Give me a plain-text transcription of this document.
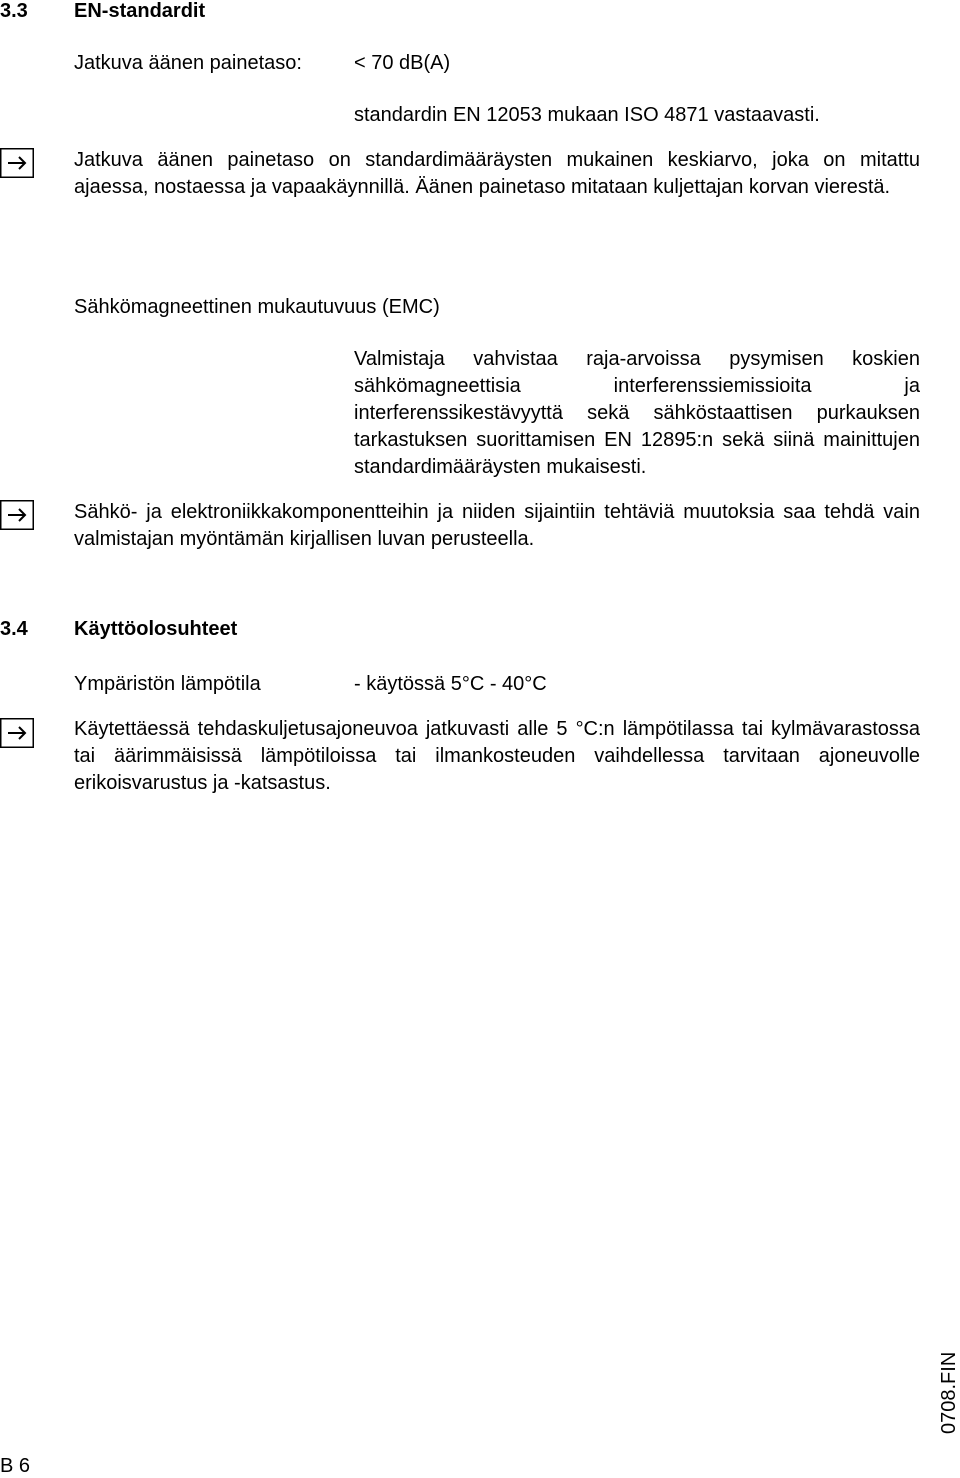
3.3 EN-standardit
Jatkuva äänen painetaso:	< 70 dB(A)
standardin EN 12053 mukaan ISO 4871 vastaavasti.
Jatkuva äänen painetaso on standardimääräysten mukainen keskiarvo, joka on mitattu ajaessa, nostaessa ja vapaakäynnillä. Äänen painetaso mitataan kuljettajan korvan vierestä.
Sähkömagneettinen mukautuvuus (EMC)
Valmistaja vahvistaa raja-arvoissa pysymisen koskien sähkömagneettisia interferenssiemissioita ja interferenssikestävyyttä sekä sähköstaattisen purkauksen tarkastuksen suorittamisen EN 12895:n sekä siinä mainittujen standardimääräysten mukaisesti.
Sähkö- ja elektroniikkakomponentteihin ja niiden sijaintiin tehtäviä muutoksia saa tehdä vain valmistajan myöntämän kirjallisen luvan perusteella.
3.4 Käyttöolosuhteet
Ympäristön lämpötila	- käytössä 5°C - 40°C
Käytettäessä tehdaskuljetusajoneuvoa jatkuvasti alle 5 °C:n lämpötilassa tai kylmävarastossa tai äärimmäisissä lämpötiloissa tai ilmankosteuden vaihdellessa tarvitaan ajoneuvolle erikoisvarustus ja -katsastus.
B 6
0708.FIN
